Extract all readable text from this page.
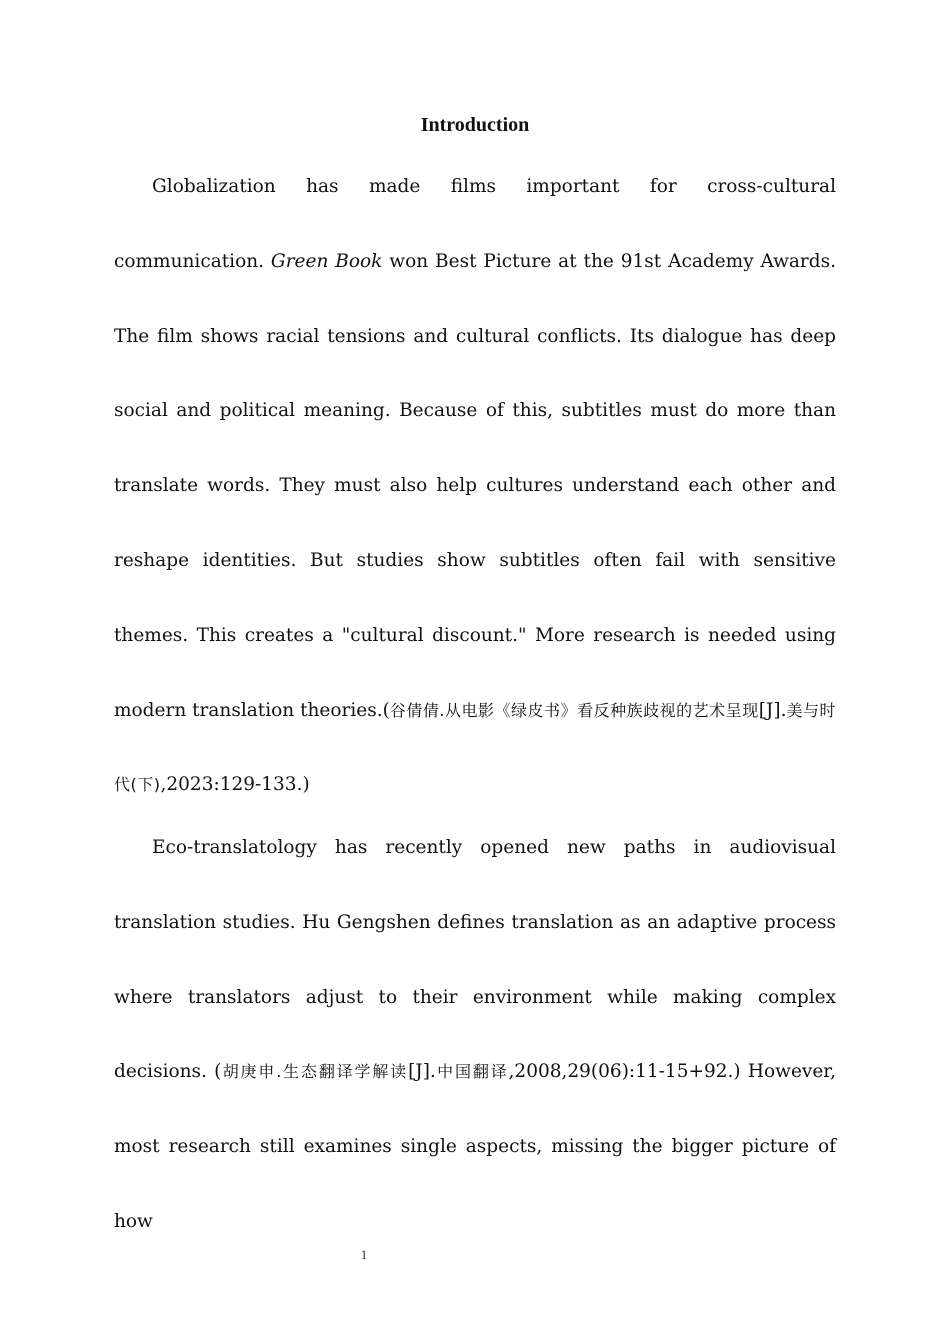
Introduction

Globalization has made films important for cross-cultural communication. Green Book won Best Picture at the 91st Academy Awards. The film shows racial tensions and cultural conflicts. Its dialogue has deep social and political meaning. Because of this, subtitles must do more than translate words. They must also help cultures understand each other and reshape identities. But studies show subtitles often fail with sensitive themes. This creates a "cultural discount." More research is needed using modern translation theories.(谷倩倩.从电影《绿皮书》看反种族歧视的艺术呈现[J].美与时代(下),2023:129-133.)

Eco-translatology has recently opened new paths in audiovisual translation studies. Hu Gengshen defines translation as an adaptive process where translators adjust to their environment while making complex decisions. (胡庚申.生态翻译学解读[J].中国翻译,2008,29(06):11-15+92.) However, most research still examines single aspects, missing the bigger picture of how

1
